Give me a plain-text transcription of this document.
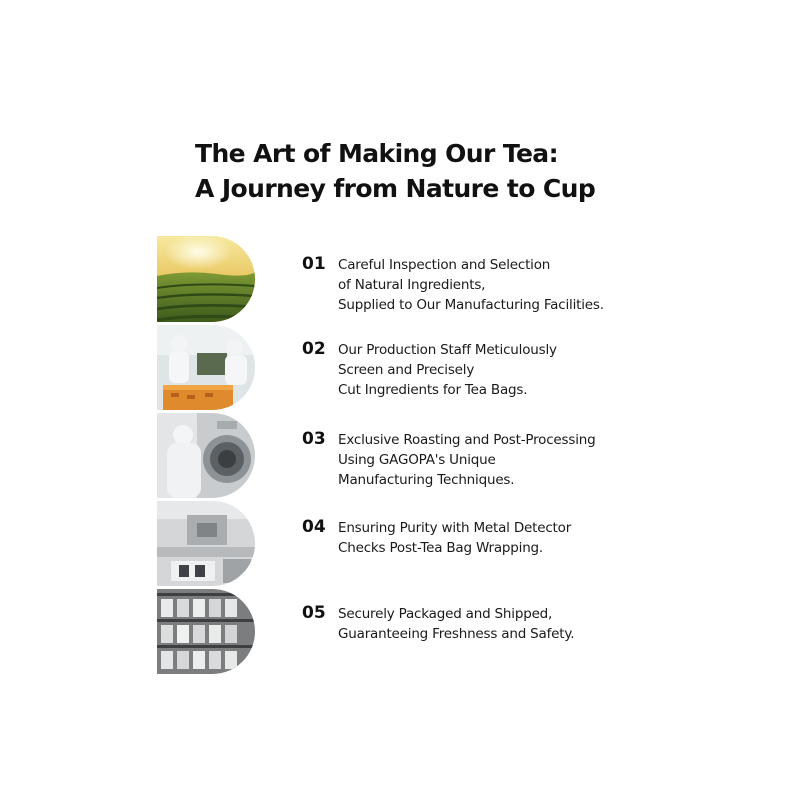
The Art of Making Our Tea:
A Journey from Nature to Cup
01 Careful Inspection and Selection
of Natural Ingredients,
Supplied to Our Manufacturing Facilities.
02 Our Production Staff Meticulously
Screen and Precisely
Cut Ingredients for Tea Bags.
03 Exclusive Roasting and Post-Processing
Using GAGOPA's Unique
Manufacturing Techniques.
04 Ensuring Purity with Metal Detector
Checks Post-Tea Bag Wrapping.
05 Securely Packaged and Shipped,
Guaranteeing Freshness and Safety.
